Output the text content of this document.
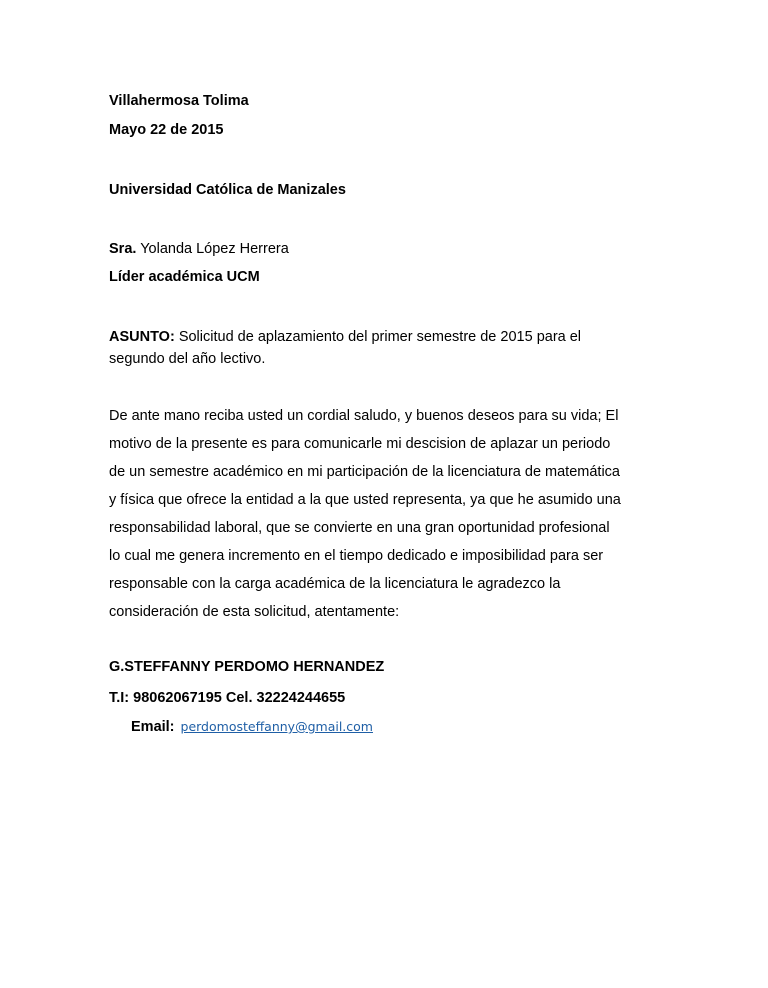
Villahermosa Tolima

Mayo 22 de 2015

Universidad Católica de Manizales

Sra. Yolanda López Herrera

Líder académica UCM

ASUNTO: Solicitud de aplazamiento del primer semestre de 2015 para el
segundo del año lectivo.
De ante mano reciba usted un cordial saludo, y buenos deseos para su vida; El
motivo de la presente es para comunicarle mi descision de aplazar un periodo
de un semestre académico en mi participación de la licenciatura de matemática
y física que ofrece la entidad a la que usted representa, ya que he asumido una
responsabilidad laboral, que se convierte en una gran oportunidad profesional
lo cual me genera incremento en el tiempo dedicado e imposibilidad para ser
responsable con la carga académica de la licenciatura le agradezco la
consideración de esta solicitud, atentamente:

G.STEFFANNY PERDOMO HERNANDEZ

T.I: 98062067195 Cel. 32224244655

Email: perdomosteffanny@gmail.com
